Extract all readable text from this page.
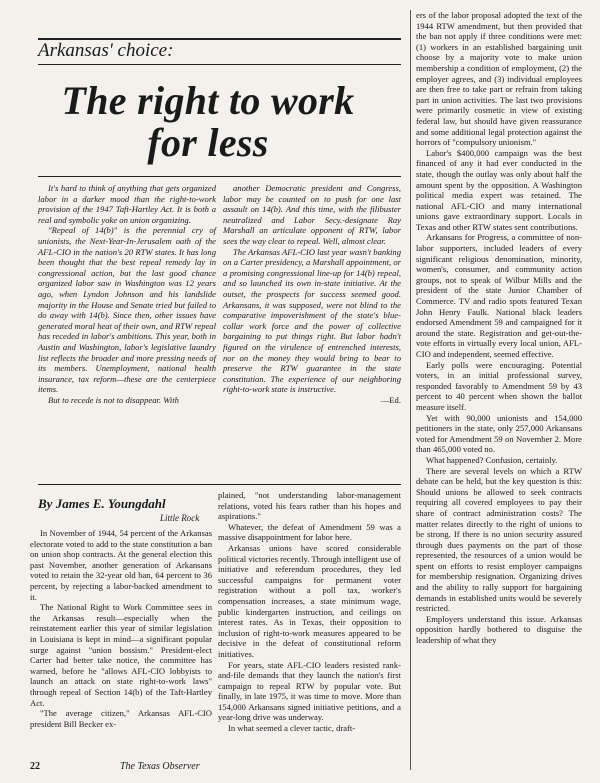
Arkansas' choice:
The right to work
for less

It's hard to think of anything that gets organized labor in a darker mood than the right-to-work provision of the 1947 Taft-Hartley Act. It is both a real and symbolic yoke on union organizing.

"Repeal of 14(b)" is the perennial cry of unionists, the Next-Year-In-Jerusalem oath of the AFL-CIO in the nation's 20 RTW states. It has long been thought that the best repeal remedy lay in congressional action, but the last good chance organized labor saw in Washington was 12 years ago, when Lyndon Johnson and his landslide majority in the House and Senate tried but failed to do away with 14(b). Since then, other issues have generated moral heat of their own, and RTW repeal has receded in labor's ambitions. This year, both in Austin and Washington, labor's legislative laundry list reflects the broader and more pressing needs of its members. Unemployment, national health insurance, tax reform—these are the centerpiece items.

But to recede is not to disappear. With

another Democratic president and Congress, labor may be counted on to push for one last assault on 14(b). And this time, with the filibuster neutralized and Labor Secy.-designate Ray Marshall an articulate opponent of RTW, labor sees the way clear to repeal. Well, almost clear.

The Arkansas AFL-CIO last year wasn't banking on a Carter presidency, a Marshall appointment, or a promising congressional line-up for 14(b) repeal, and so launched its own in-state initiative. At the outset, the prospects for success seemed good. Arkansans, it was supposed, were not blind to the comparative impoverishment of the state's blue-collar work force and the power of collective bargaining to put things right. But labor hadn't figured on the virulence of entrenched interests, nor on the money they would bring to bear to preserve the RTW guarantee in the state constitution. The experience of our neighboring right-to-work state is instructive.

—Ed.
By James E. Youngdahl
Little Rock

In November of 1944, 54 percent of the Arkansas electorate voted to add to the state constitution a ban on union shop contracts. At the general election this past November, another generation of Arkansans voted to retain the 32-year old ban, 64 percent to 36 percent, by rejecting a labor-backed amendment to it.

The National Right to Work Committee sees in the Arkansas result—especially when the reinstatement earlier this year of similar legislation in Louisiana is kept in mind—a significant popular surge against "union bossism." President-elect Carter had better take notice, the committee has warned, before he "allows AFL-CIO lobbyists to launch an attack on state right-to-work laws" through repeal of Section 14(b) of the Taft-Hartley Act.

"The average citizen," Arkansas AFL-CIO president Bill Becker ex-

plained, "not understanding labor-management relations, voted his fears rather than his hopes and aspirations."

Whatever, the defeat of Amendment 59 was a massive disappointment for labor here.

Arkansas unions have scored considerable political victories recently. Through intelligent use of initiative and referendum procedures, they led successful campaigns for permanent voter registration without a poll tax, worker's compensation increases, a state minimum wage, public kindergarten instruction, and ceilings on interest rates. As in Texas, their opposition to inclusion of right-to-work measures appeared to be decisive in the defeat of constitutional reform initiatives.

For years, state AFL-CIO leaders resisted rank-and-file demands that they launch the nation's first campaign to repeal RTW by popular vote. But finally, in late 1975, it was time to move. More than 154,000 Arkansans signed initiative petitions, and a year-long drive was underway.

In what seemed a clever tactic, draft-

ers of the labor proposal adopted the text of the 1944 RTW amendment, but then provided that the ban not apply if three conditions were met: (1) workers in an established bargaining unit choose by a majority vote to make union membership a condition of employment, (2) the employer agrees, and (3) individual employees are then free to take part or refrain from taking part in union activities. The last two provisions were primarily cosmetic in view of existing federal law, but should have given reassurance and some additional legal protection against the horrors of "compulsory unionism."

Labor's $400,000 campaign was the best financed of any it had ever conducted in the state, though the outlay was only about half the amount spent by the opposition. A Washington political media expert was retained. The national AFL-CIO and many international unions gave extraordinary support. Locals in Texas and other RTW states sent contributions.

Arkansans for Progress, a committee of non-labor supporters, included leaders of every significant religious denomination, minority, women's, consumer, and community action groups, not to speak of Wilbur Mills and the president of the state Junior Chamber of Commerce. TV and radio spots featured Texan John Henry Faulk. National black leaders endorsed Amendment 59 and campaigned for it around the state. Registration and get-out-the-vote efforts in virtually every local union, AFL-CIO and independent, seemed effective.

Early polls were encouraging. Potential voters, in an initial professional survey, responded favorably to Amendment 59 by 43 percent to 40 percent when shown the ballot measure itself.

Yet with 90,000 unionists and 154,000 petitioners in the state, only 257,000 Arkansans voted for Amendment 59 on November 2. More than 465,000 voted no.

What happened? Confusion, certainly.

There are several levels on which a RTW debate can be held, but the key question is this: Should unions be allowed to seek contracts requiring all covered employees to pay their share of contract administration costs? The matter relates directly to the right of unions to be strong. If there is no union security assured through dues payments on the part of those represented, the resources of a union would be spent on efforts to resist employer campaigns for membership resignation. Organizing drives and the ability to rally support for bargaining demands in established units would be severely restricted.

Employers understand this issue. Arkansas opposition hardly bothered to disguise the leadership of what they

22	The Texas Observer
